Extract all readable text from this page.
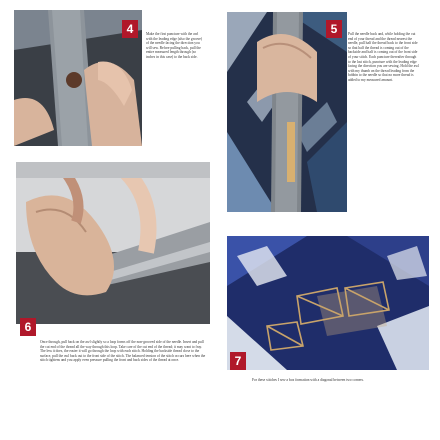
4	Make the first puncture with the awl with the leading edge (also the groove) of the needle facing the direction you will sew. Before pulling back, pull the entire measured length through (so inches in this case) to the back side.

5	Pull the needle back and, while holding the cut end of your thread and the thread nearest the needle, pull half the thread back to the front side so that half the thread is coming out of the backside and half is coming out of the front side of your stitch. Each puncture thereafter through to the last stitch, puncture with the leading edge facing the direction you are sewing. Hold the awl with my thumb on the thread leading from the bobbin to the needle so that no more thread is added to my measured amount.

6

Once through, pull back on the awl slightly so a loop forms off the non-grooved side of the needle. Insert and pull the cut end of the thread all the way through this loop. Take care of the cut end of the thread; it may want to fray. The less it does, the easier it will go through the loop with each stitch. Holding the backside thread close to the surface, pull the awl back out to the front side of the stitch. The balanced tension of the stitch occurs here when the stitch tightens and you apply even pressure pulling the front and back sides of the thread at once.	7

For these stitches I sew a box formation with a diagonal between two corners.
